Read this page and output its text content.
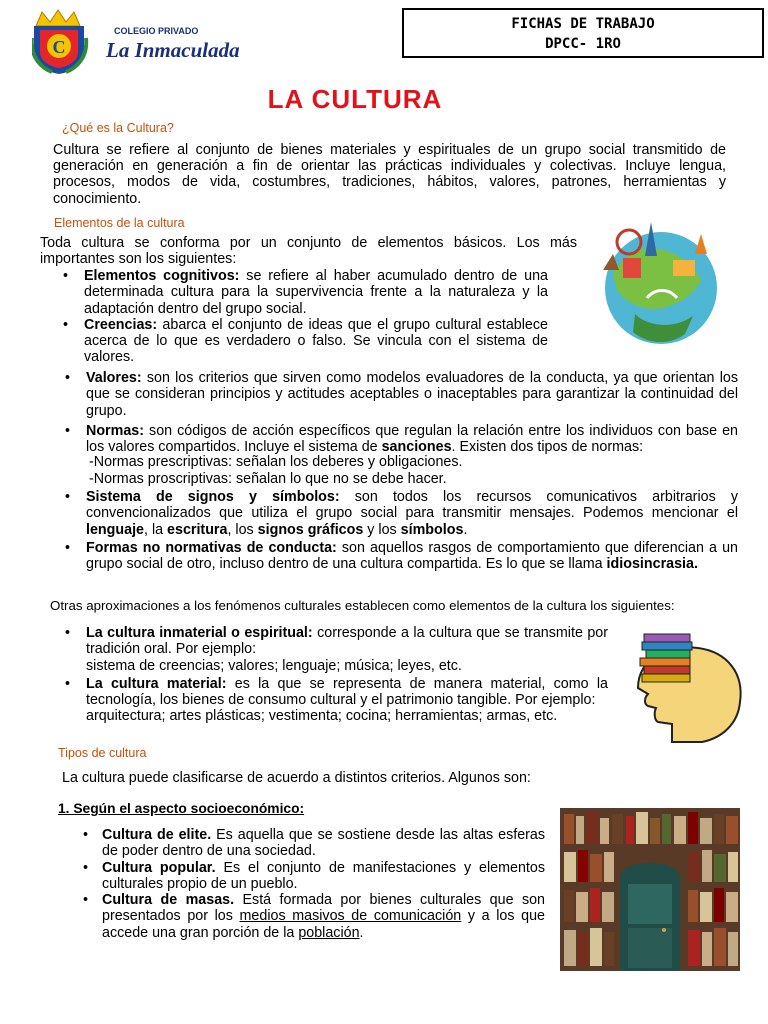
C
COLEGIO PRIVADO
La Inmaculada
FICHAS DE TRABAJO
DPCC- 1RO
LA CULTURA
¿Qué es la Cultura?
Cultura se refiere al conjunto de bienes materiales y espirituales de un grupo social transmitido de generación en generación a fin de orientar las prácticas individuales y colectivas. Incluye lengua, procesos, modos de vida, costumbres, tradiciones, hábitos, valores, patrones, herramientas y conocimiento.
Elementos de la cultura
Toda cultura se conforma por un conjunto de elementos básicos. Los más importantes son los siguientes:
• Elementos cognitivos: se refiere al haber acumulado dentro de una determinada cultura para la supervivencia frente a la naturaleza y la adaptación dentro del grupo social.
• Creencias: abarca el conjunto de ideas que el grupo cultural establece acerca de lo que es verdadero o falso. Se vincula con el sistema de valores.
• Valores: son los criterios que sirven como modelos evaluadores de la conducta, ya que orientan los que se consideran principios y actitudes aceptables o inaceptables para garantizar la continuidad del grupo.
• Normas: son códigos de acción específicos que regulan la relación entre los individuos con base en los valores compartidos. Incluye el sistema de sanciones. Existen dos tipos de normas:
-Normas prescriptivas: señalan los deberes y obligaciones.
-Normas proscriptivas: señalan lo que no se debe hacer.
• Sistema de signos y símbolos: son todos los recursos comunicativos arbitrarios y convencionalizados que utiliza el grupo social para transmitir mensajes. Podemos mencionar el lenguaje, la escritura, los signos gráficos y los símbolos.
• Formas no normativas de conducta: son aquellos rasgos de comportamiento que diferencian a un grupo social de otro, incluso dentro de una cultura compartida. Es lo que se llama idiosincrasia.
Otras aproximaciones a los fenómenos culturales establecen como elementos de la cultura los siguientes:
• La cultura inmaterial o espiritual: corresponde a la cultura que se transmite por tradición oral. Por ejemplo:
sistema de creencias; valores; lenguaje; música; leyes, etc.
• La cultura material: es la que se representa de manera material, como la tecnología, los bienes de consumo cultural y el patrimonio tangible. Por ejemplo:
arquitectura; artes plásticas; vestimenta; cocina; herramientas; armas, etc.
Tipos de cultura
La cultura puede clasificarse de acuerdo a distintos criterios. Algunos son:
1. Según el aspecto socioeconómico:
• Cultura de elite. Es aquella que se sostiene desde las altas esferas de poder dentro de una sociedad.
• Cultura popular. Es el conjunto de manifestaciones y elementos culturales propio de un pueblo.
• Cultura de masas. Está formada por bienes culturales que son presentados por los medios masivos de comunicación y a los que accede una gran porción de la población.
